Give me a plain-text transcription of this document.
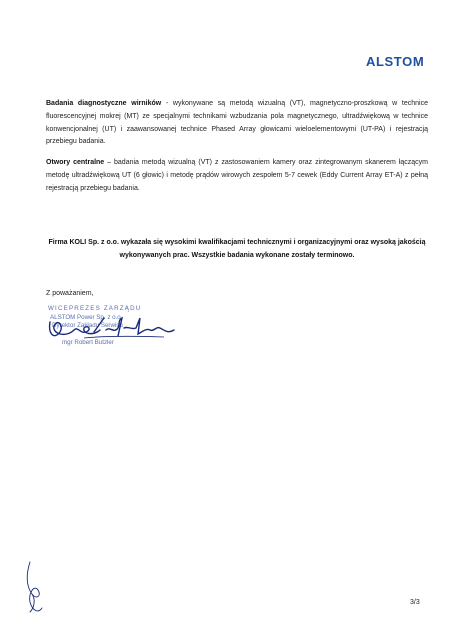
ALSTOM
Badania diagnostyczne wirników - wykonywane są metodą wizualną (VT), magnetyczno-proszkową w technice fluorescencyjnej mokrej (MT) ze specjalnymi technikami wzbudzania pola magnetycznego, ultradźwiękową w technice konwencjonalnej (UT) i zaawansowanej technice Phased Array głowicami wieloelementowymi (UT-PA) i rejestracją przebiegu badania.
Otwory centralne – badania metodą wizualną (VT) z zastosowaniem kamery oraz zintegrowanym skanerem łączącym metodę ultradźwiękową UT (6 głowic) i metodę prądów wirowych zespołem 5-7 cewek (Eddy Current Array ET-A) z pełną rejestracją przebiegu badania.
Firma KOLI Sp. z o.o. wykazała się wysokimi kwalifikacjami technicznymi i organizacyjnymi oraz wysoką jakością wykonywanych prac. Wszystkie badania wykonane zostały terminowo.
Z poważaniem,
WICEPREZES ZARZĄDU
ALSTOM Power Sp. z o.o.
Dyrektor Zakładu Serwisu
mgr Robert Butzler
3/3
